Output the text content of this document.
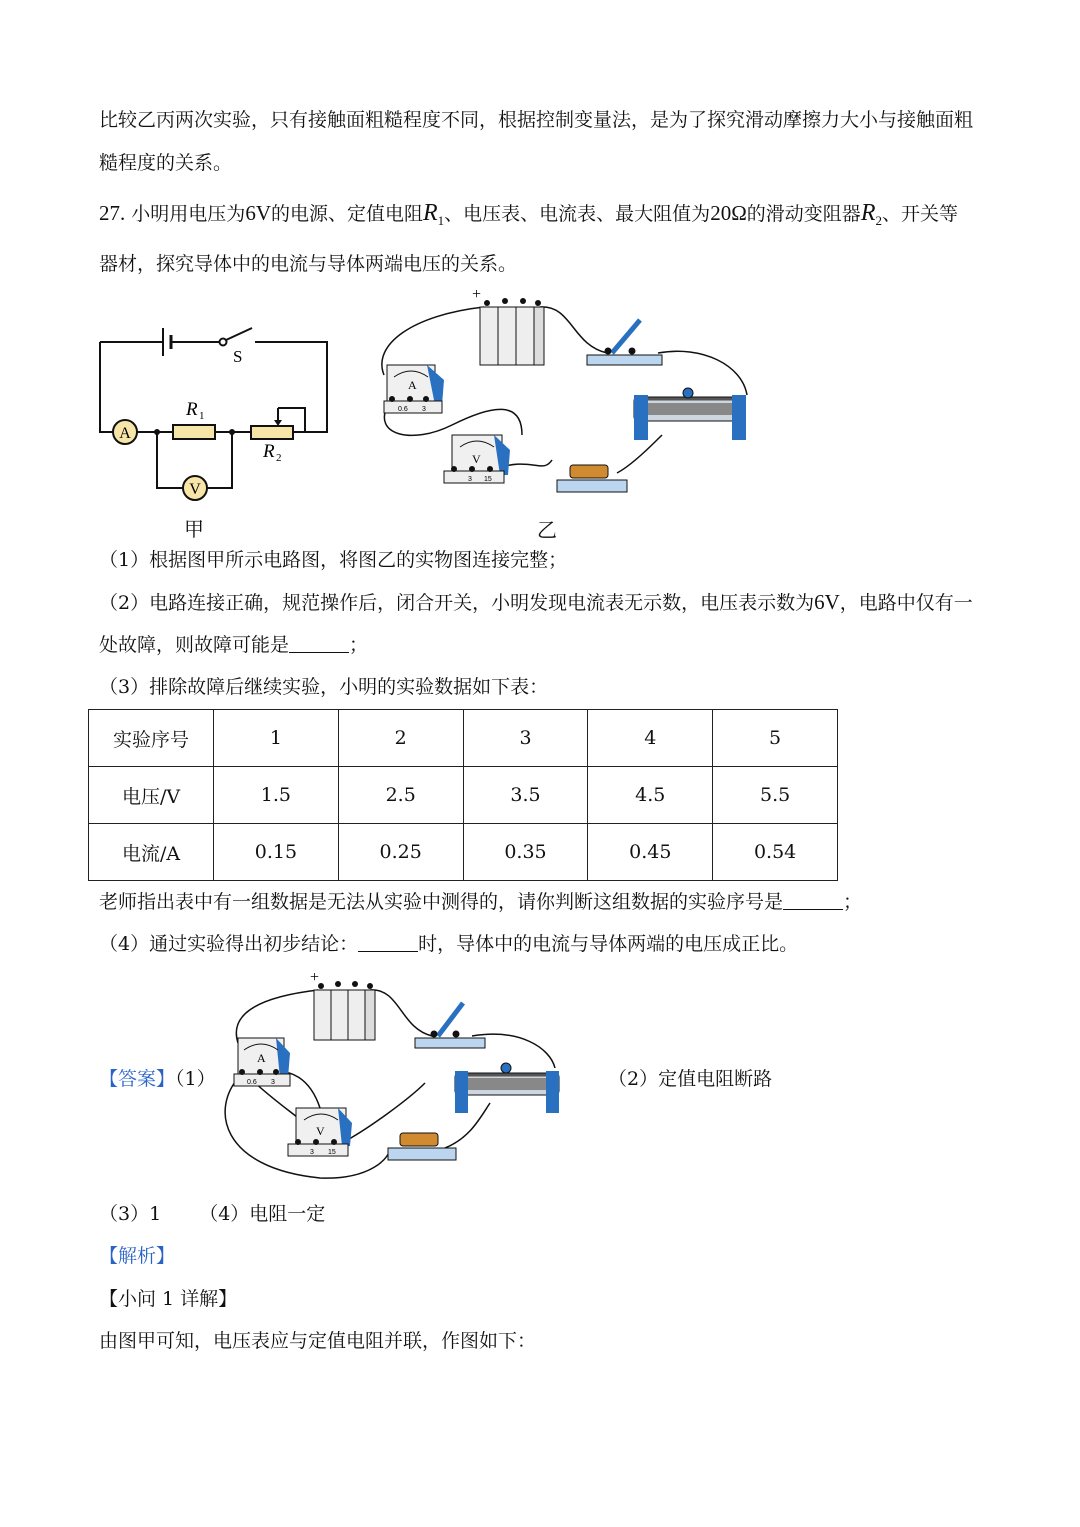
比较乙丙两次实验，只有接触面粗糙程度不同，根据控制变量法，是为了探究滑动摩擦力大小与接触面粗
糙程度的关系。
27. 小明用电压为6V的电源、定值电阻$R_1$、电压表、电流表、最大阻值为20Ω的滑动变阻器$R_2$、开关等
器材，探究导体中的电流与导体两端电压的关系。
A
V
S
R 1
R 2
甲
+
A
0.6 3
V
3 15
乙
（1）根据图甲所示电路图，将图乙的实物图连接完整；
（2）电路连接正确，规范操作后，闭合开关，小明发现电流表无示数，电压表示数为6V，电路中仅有一
处故障，则故障可能是	；
（3）排除故障后继续实验，小明的实验数据如下表：
实验序号	1	2	3	4	5
电压/V	1.5	2.5	3.5	4.5	5.5
电流/A	0.15	0.25	0.35	0.45	0.54
老师指出表中有一组数据是无法从实验中测得的，请你判断这组数据的实验序号是	；
（4）通过实验得出初步结论：	时，导体中的电流与导体两端的电压成正比。
【答案】（1）
+
A
0.6 3
V
3 15
（2）定值电阻断路
（3）1 （4）电阻一定
【解析】
【小问 1 详解】
由图甲可知，电压表应与定值电阻并联，作图如下：
